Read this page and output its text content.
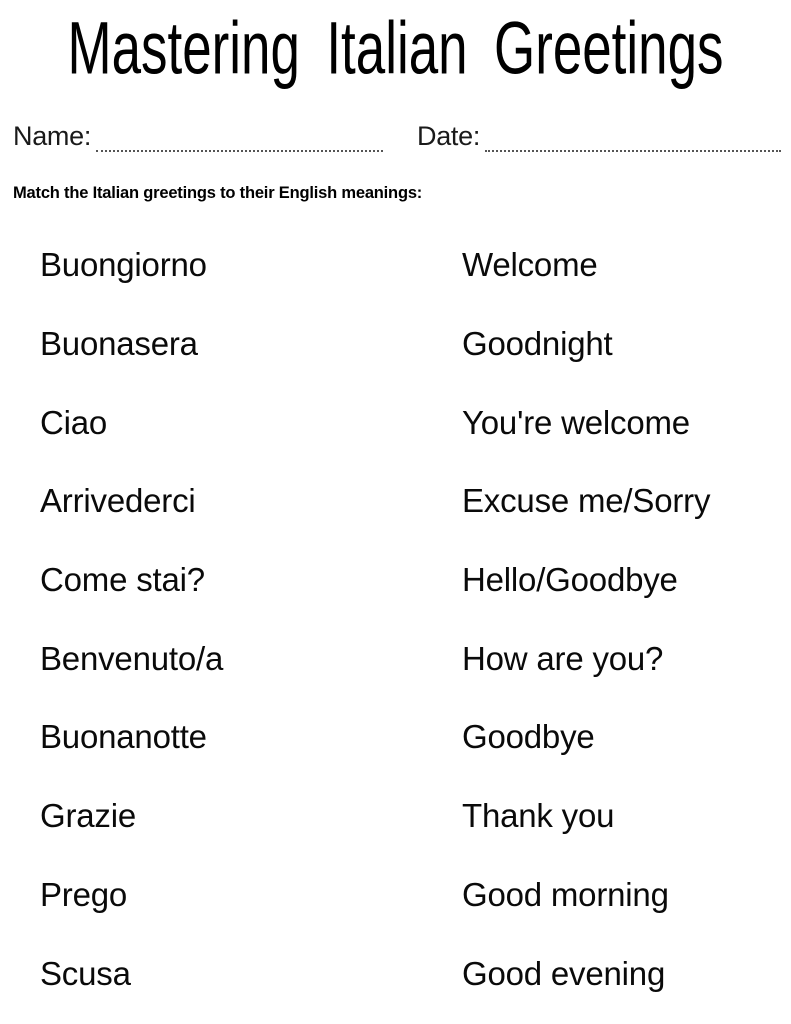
Mastering Italian Greetings
Name:	Date:
Match the Italian greetings to their English meanings:
Buongiorno	Welcome
Buonasera	Goodnight
Ciao	You're welcome
Arrivederci	Excuse me/Sorry
Come stai?	Hello/Goodbye
Benvenuto/a	How are you?
Buonanotte	Goodbye
Grazie	Thank you
Prego	Good morning
Scusa	Good evening
